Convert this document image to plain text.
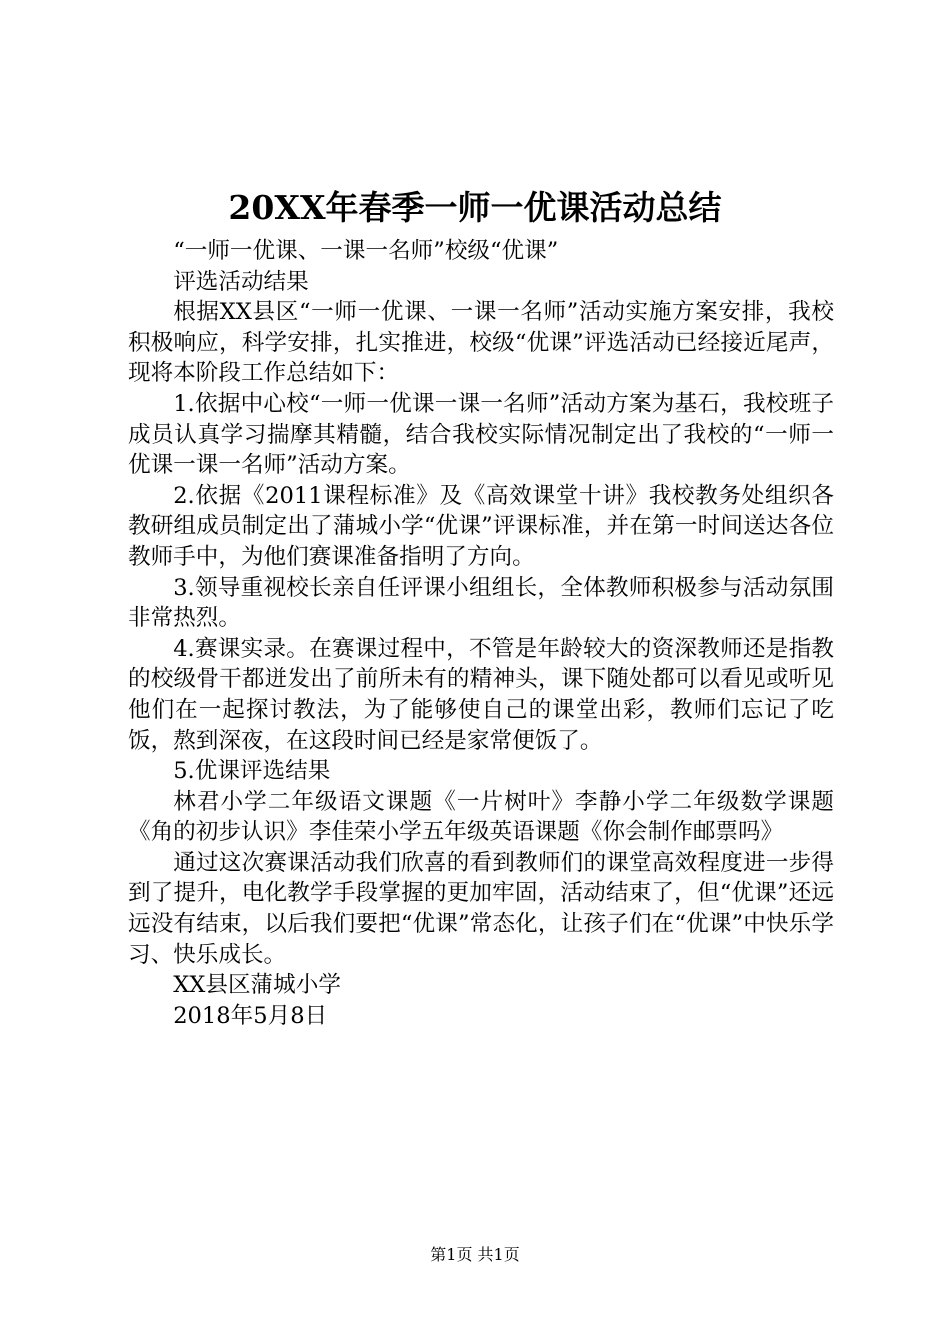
20XX年春季一师一优课活动总结

“一师一优课、一课一名师”校级“优课”

评选活动结果

根据XX县区“一师一优课、一课一名师”活动实施方案安排，我校积极响应，科学安排，扎实推进，校级“优课”评选活动已经接近尾声，现将本阶段工作总结如下：

1.依据中心校“一师一优课一课一名师”活动方案为基石，我校班子成员认真学习揣摩其精髓，结合我校实际情况制定出了我校的“一师一优课一课一名师”活动方案。

2.依据《2011课程标准》及《高效课堂十讲》我校教务处组织各教研组成员制定出了蒲城小学“优课”评课标准，并在第一时间送达各位教师手中，为他们赛课准备指明了方向。

3.领导重视校长亲自任评课小组组长，全体教师积极参与活动氛围非常热烈。

4.赛课实录。在赛课过程中，不管是年龄较大的资深教师还是指教的校级骨干都迸发出了前所未有的精神头，课下随处都可以看见或听见他们在一起探讨教法，为了能够使自己的课堂出彩，教师们忘记了吃饭，熬到深夜，在这段时间已经是家常便饭了。

5.优课评选结果

林君小学二年级语文课题《一片树叶》李静小学二年级数学课题《角的初步认识》李佳荣小学五年级英语课题《你会制作邮票吗》

通过这次赛课活动我们欣喜的看到教师们的课堂高效程度进一步得到了提升，电化教学手段掌握的更加牢固，活动结束了，但“优课”还远远没有结束，以后我们要把“优课”常态化，让孩子们在“优课”中快乐学习、快乐成长。

XX县区蒲城小学

2018年5月8日

第1页 共1页
